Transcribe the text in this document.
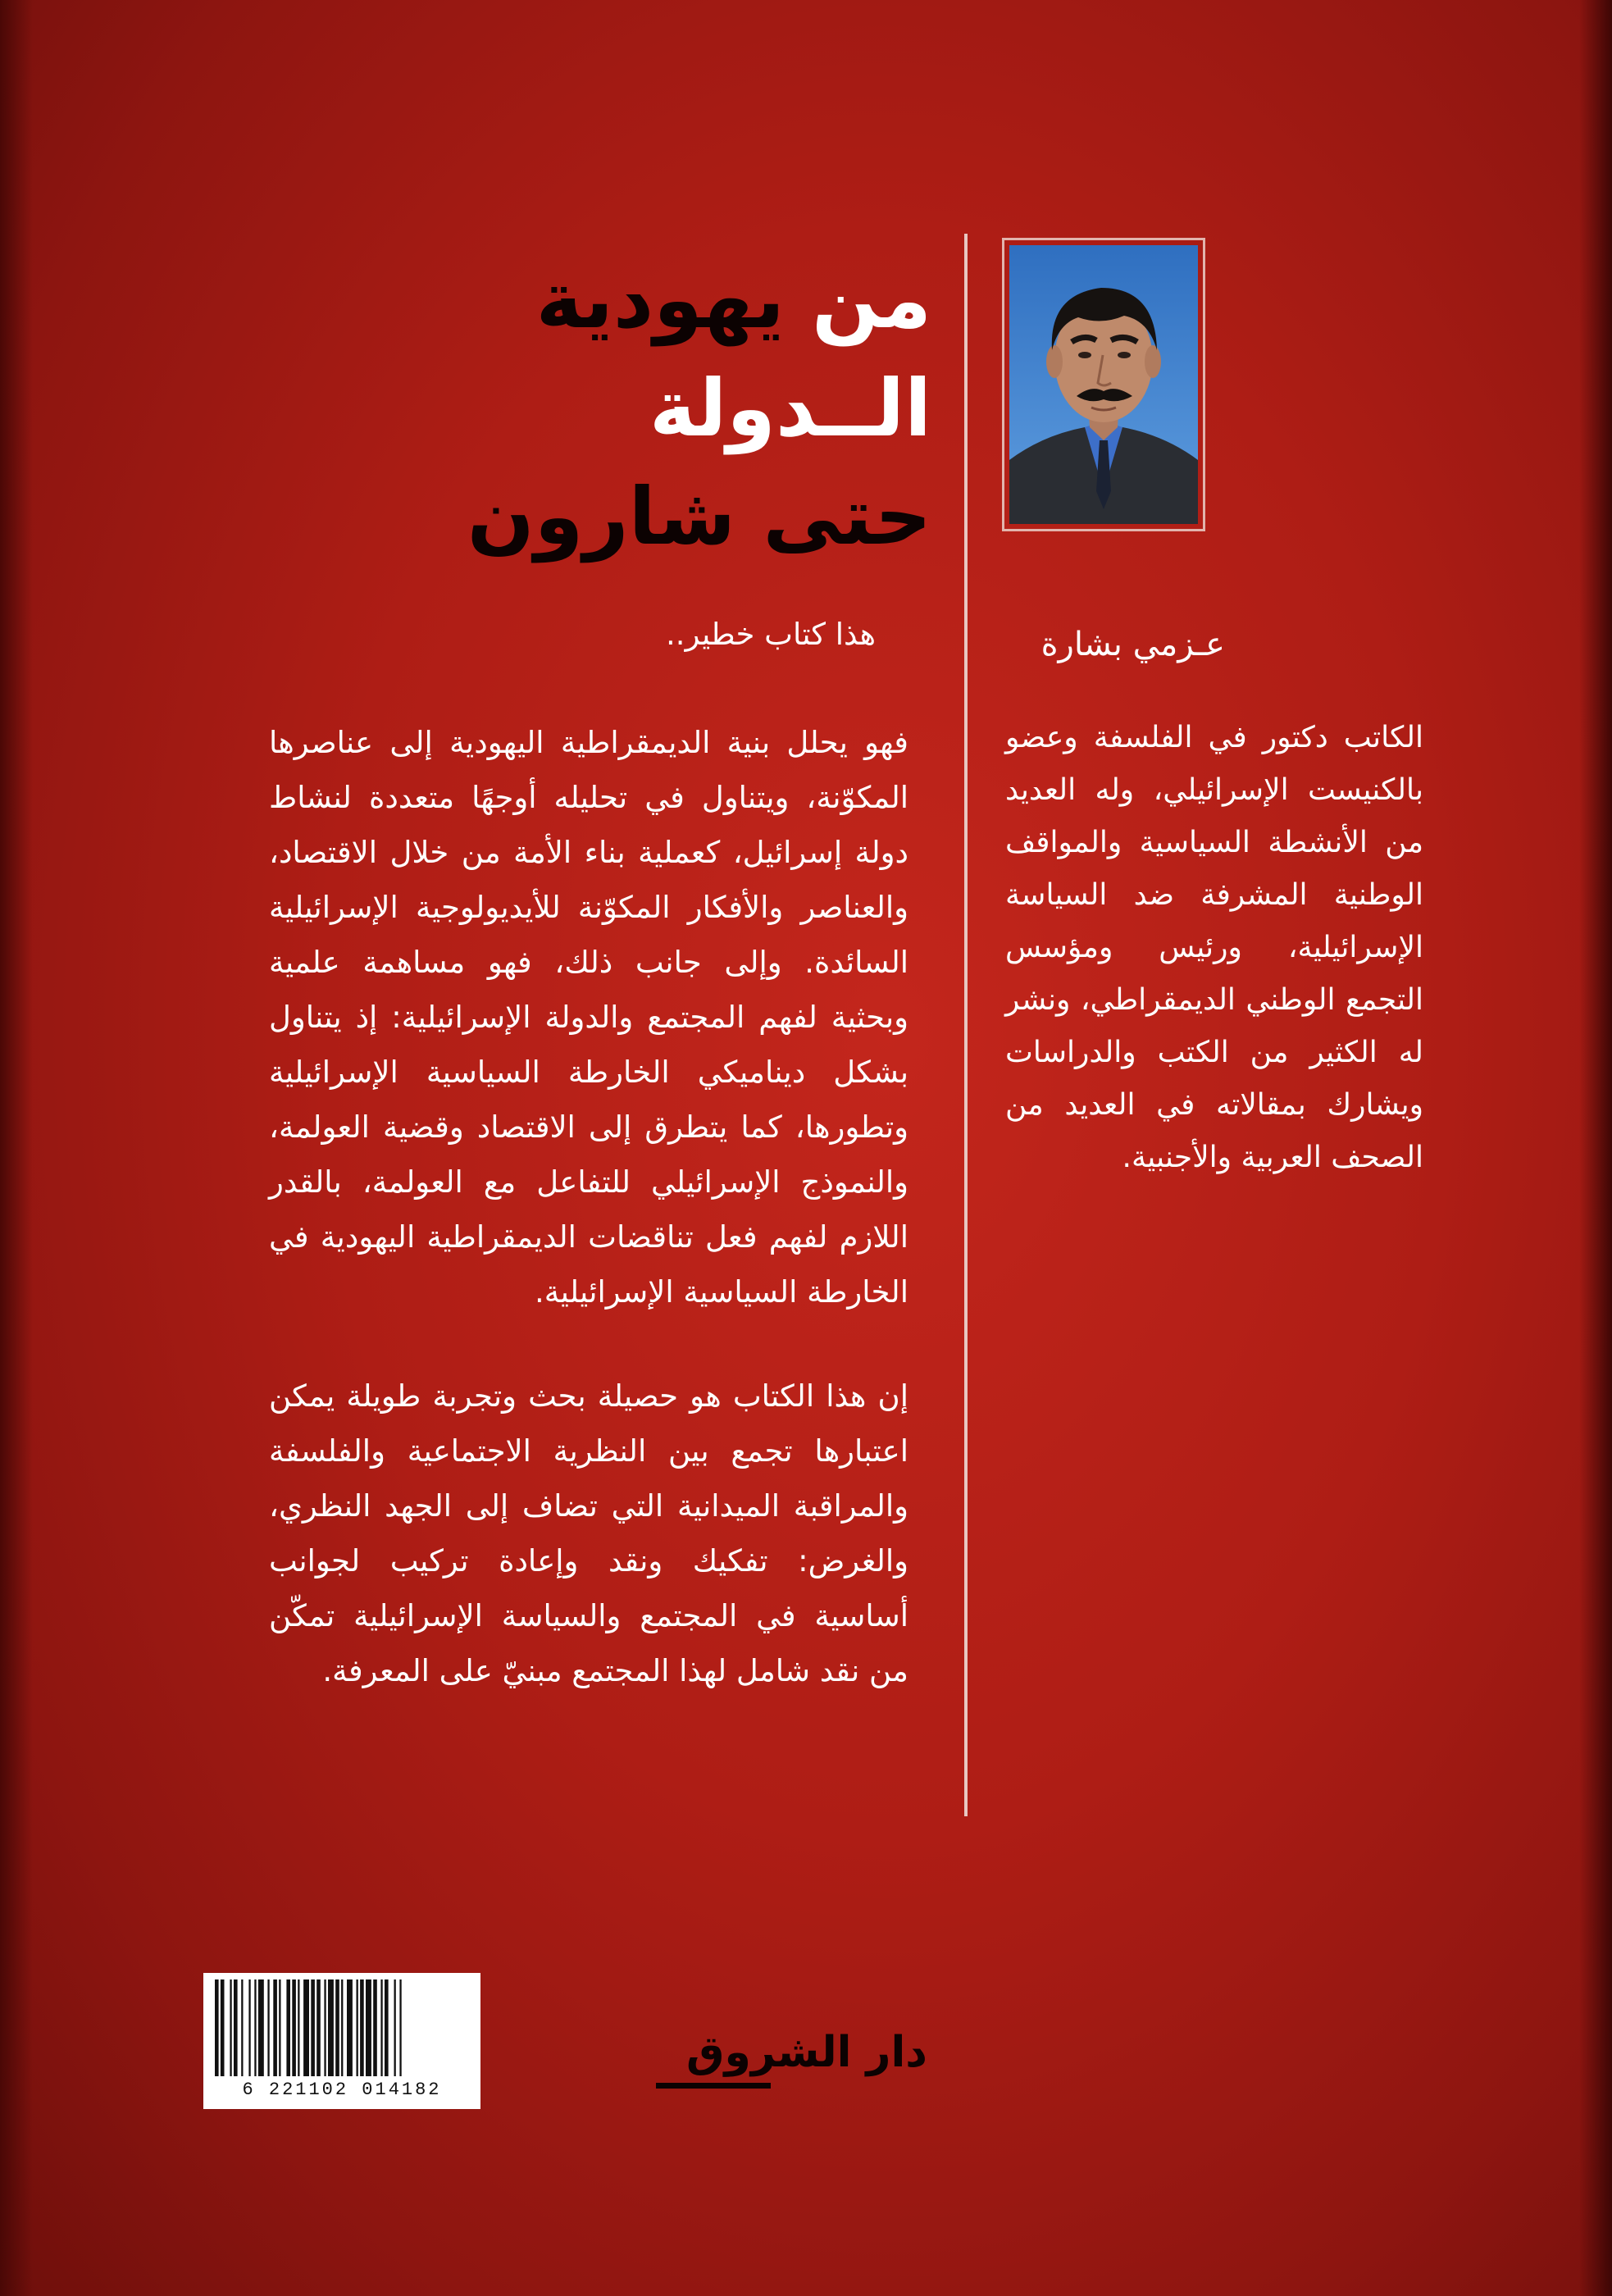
من يهودية
الــدولة
حتى شارون

هذا كتاب خطير..

فهو يحلل بنية الديمقراطية اليهودية إلى عناصرها المكوّنة، ويتناول في تحليله أوجهًا متعددة لنشاط دولة إسرائيل، كعملية بناء الأمة من خلال الاقتصاد، والعناصر والأفكار المكوّنة للأيديولوجية الإسرائيلية السائدة. وإلى جانب ذلك، فهو مساهمة علمية وبحثية لفهم المجتمع والدولة الإسرائيلية: إذ يتناول بشكل ديناميكي الخارطة السياسية الإسرائيلية وتطورها، كما يتطرق إلى الاقتصاد وقضية العولمة، والنموذج الإسرائيلي للتفاعل مع العولمة، بالقدر اللازم لفهم فعل تناقضات الديمقراطية اليهودية في الخارطة السياسية الإسرائيلية.

إن هذا الكتاب هو حصيلة بحث وتجربة طويلة يمكن اعتبارها تجمع بين النظرية الاجتماعية والفلسفة والمراقبة الميدانية التي تضاف إلى الجهد النظري، والغرض: تفكيك ونقد وإعادة تركيب لجوانب أساسية في المجتمع والسياسة الإسرائيلية تمكّن من نقد شامل لهذا المجتمع مبنيّ على المعرفة.

عـزمي بشارة

الكاتب دكتور في الفلسفة وعضو بالكنيست الإسرائيلي، وله العديد من الأنشطة السياسية والمواقف الوطنية المشرفة ضد السياسة الإسرائيلية، ورئيس ومؤسس التجمع الوطني الديمقراطي، ونشر له الكثير من الكتب والدراسات ويشارك بمقالاته في العديد من الصحف العربية والأجنبية.

6 221102 014182
دار الشروق
